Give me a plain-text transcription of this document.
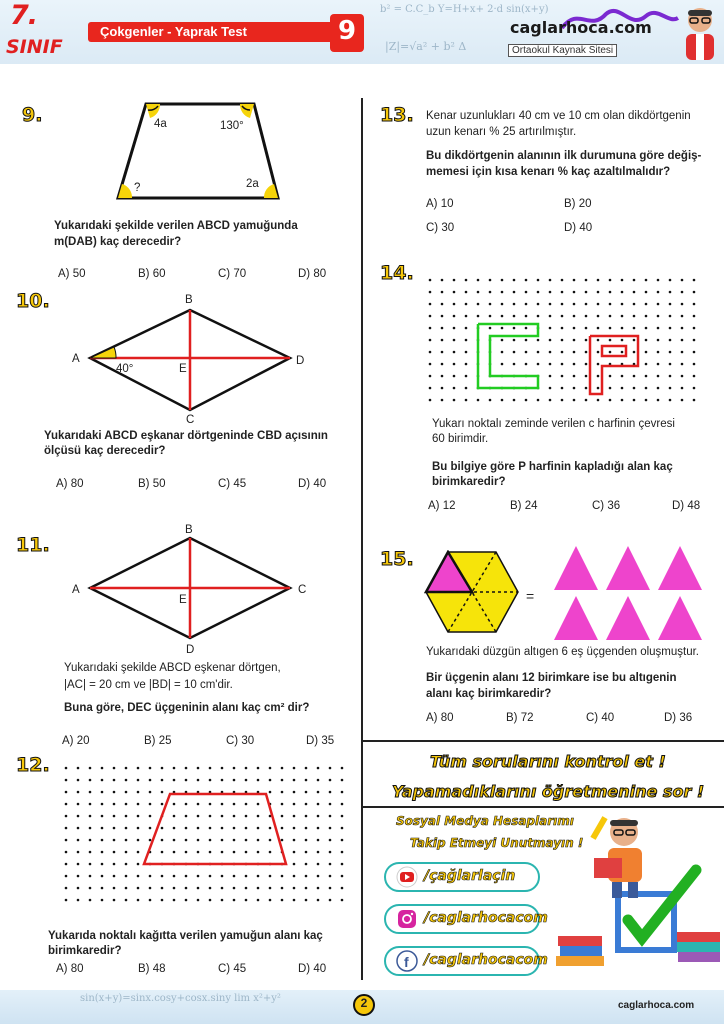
b² = C.C_b Y=H+x+ 2·d sin(x+y)
|Z|=√a² + b² Δ
7.
SINIF
Çokgenler - Yaprak Test	9	caglarhoca.com
Ortaokul Kaynak Sitesi
9.	4a	130°
?	2a
Yukarıdaki şekilde verilen ABCD yamuğunda
m(DAB) kaç derecedir?
A) 50	B) 60	C) 70	D) 80
10.	B
A	D
C
E
40°
Yukarıdaki ABCD eşkanar dörtgeninde CBD açısının
ölçüsü kaç derecedir?
A) 80	B) 50	C) 45	D) 40
11.
B
A	C
D
E
Yukarıdaki şekilde ABCD eşkenar dörtgen,
|AC| = 20 cm ve |BD| = 10 cm'dir.
Buna göre, DEC üçgeninin alanı kaç cm² dir?
A) 20	B) 25	C) 30	D) 35
12.
Yukarıda noktalı kağıtta verilen yamuğun alanı kaç
birimkaredir?
A) 80	B) 48	C) 45	D) 40
13. Kenar uzunlukları 40 cm ve 10 cm olan dikdörtgenin
uzun kenarı % 25 artırılmıştır.
Bu dikdörtgenin alanının ilk durumuna göre değiş-
memesi için kısa kenarı % kaç azaltılmalıdır?
A) 10	B) 20
C) 30	D) 40
14.
Yukarı noktalı zeminde verilen c harfinin çevresi
60 birimdir.
Bu bilgiye göre P harfinin kapladığı alan kaç
birimkaredir?
A) 12	B) 24	C) 36	D) 48
15.
=
Yukarıdaki düzgün altıgen 6 eş üçgenden oluşmuştur.
Bir üçgenin alanı 12 birimkare ise bu altıgenin
alanı kaç birimkaredir?
A) 80	B) 72	C) 40	D) 36
Tüm sorularını kontrol et !
Yapamadıklarını öğretmenine sor !
Sosyal Medya Hesaplarımı
Takip Etmeyi Unutmayın !
/çağlarlaçin
/caglarhocacom
f /caglarhocacom
sin(x+y)=sinx.cosy+cosx.siny lim x²+y²	2	caglarhoca.com
